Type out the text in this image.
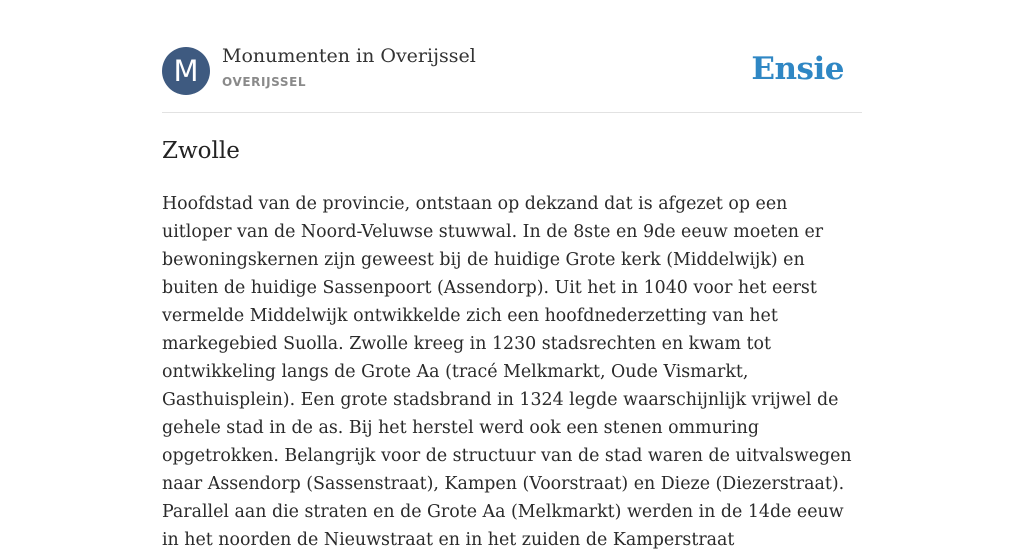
M	Monumenten in Overijssel
OVERIJSSEL	Ensie
Zwolle

Hoofdstad van de provincie, ontstaan op dekzand dat is afgezet op een uitloper van de Noord-Veluwse stuwwal. In de 8ste en 9de eeuw moeten er bewoningskernen zijn geweest bij de huidige Grote kerk (Middelwijk) en buiten de huidige Sassenpoort (Assendorp). Uit het in 1040 voor het eerst vermelde Middelwijk ontwikkelde zich een hoofdnederzetting van het markegebied Suolla. Zwolle kreeg in 1230 stadsrechten en kwam tot ontwikkeling langs de Grote Aa (tracé Melkmarkt, Oude Vismarkt, Gasthuisplein). Een grote stadsbrand in 1324 legde waarschijnlijk vrijwel de gehele stad in de as. Bij het herstel werd ook een stenen ommuring opgetrokken. Belangrijk voor de structuur van de stad waren de uitvalswegen naar Assendorp (Sassenstraat), Kampen (Voorstraat) en Dieze (Diezerstraat). Parallel aan die straten en de Grote Aa (Melkmarkt) werden in de 14de eeuw in het noorden de Nieuwstraat en in het zuiden de Kamperstraat
